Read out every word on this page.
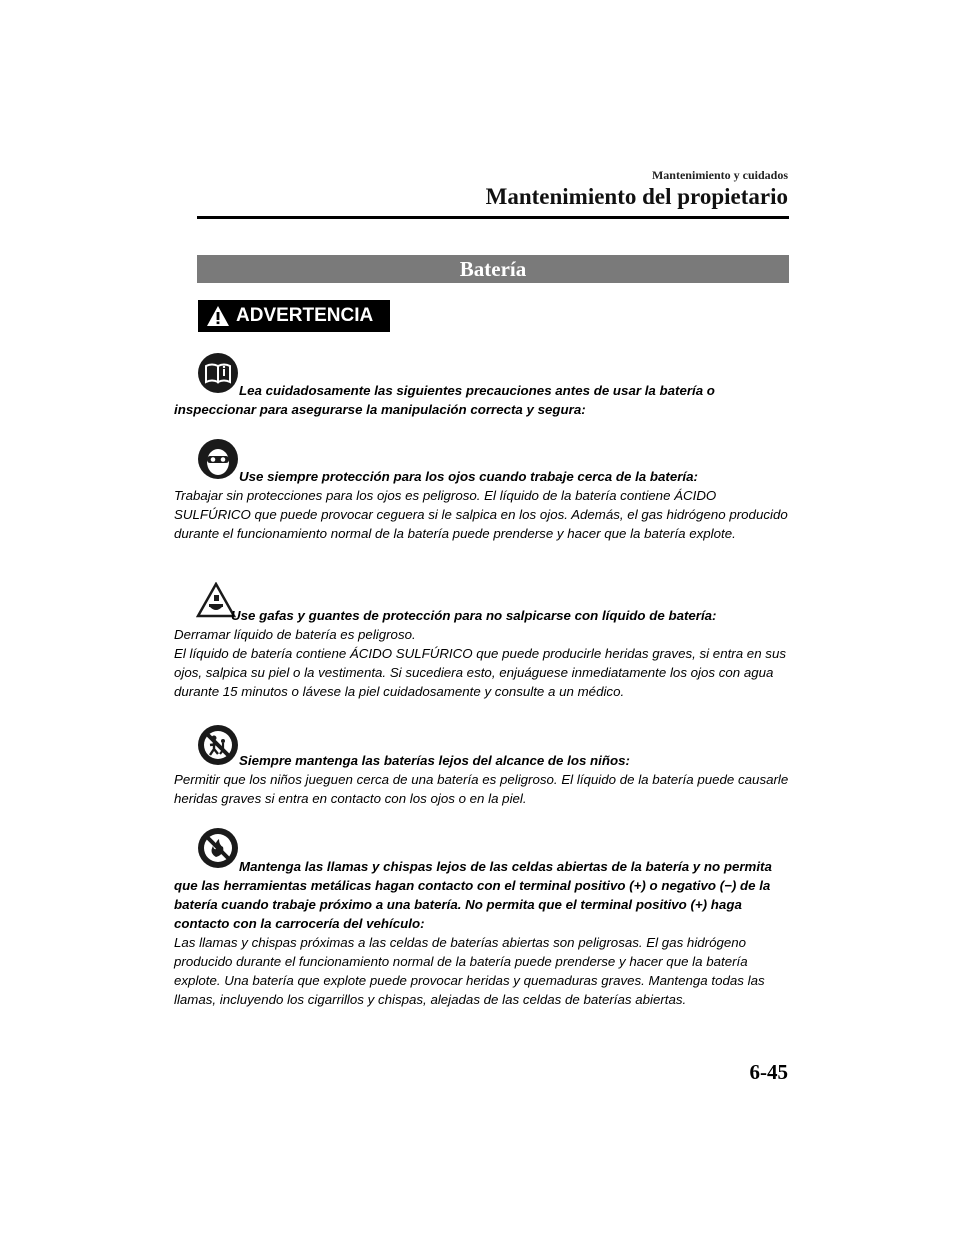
Mantenimiento y cuidados
Mantenimiento del propietario
Batería
ADVERTENCIA
Lea cuidadosamente las siguientes precauciones antes de usar la batería o inspeccionar para asegurarse la manipulación correcta y segura:
Use siempre protección para los ojos cuando trabaje cerca de la batería:
Trabajar sin protecciones para los ojos es peligroso. El líquido de la batería contiene ÁCIDO SULFÚRICO que puede provocar ceguera si le salpica en los ojos. Además, el gas hidrógeno producido durante el funcionamiento normal de la batería puede prenderse y hacer que la batería explote.
Use gafas y guantes de protección para no salpicarse con líquido de batería:
Derramar líquido de batería es peligroso.
El líquido de batería contiene ÁCIDO SULFÚRICO que puede producirle heridas graves, si entra en sus ojos, salpica su piel o la vestimenta. Si sucediera esto, enjuáguese inmediatamente los ojos con agua durante 15 minutos o lávese la piel cuidadosamente y consulte a un médico.
Siempre mantenga las baterías lejos del alcance de los niños:
Permitir que los niños jueguen cerca de una batería es peligroso. El líquido de la batería puede causarle heridas graves si entra en contacto con los ojos o en la piel.
Mantenga las llamas y chispas lejos de las celdas abiertas de la batería y no permita que las herramientas metálicas hagan contacto con el terminal positivo (+) o negativo (−) de la batería cuando trabaje próximo a una batería. No permita que el terminal positivo (+) haga contacto con la carrocería del vehículo:
Las llamas y chispas próximas a las celdas de baterías abiertas son peligrosas. El gas hidrógeno producido durante el funcionamiento normal de la batería puede prenderse y hacer que la batería explote. Una batería que explote puede provocar heridas y quemaduras graves. Mantenga todas las llamas, incluyendo los cigarrillos y chispas, alejadas de las celdas de baterías abiertas.
6-45
